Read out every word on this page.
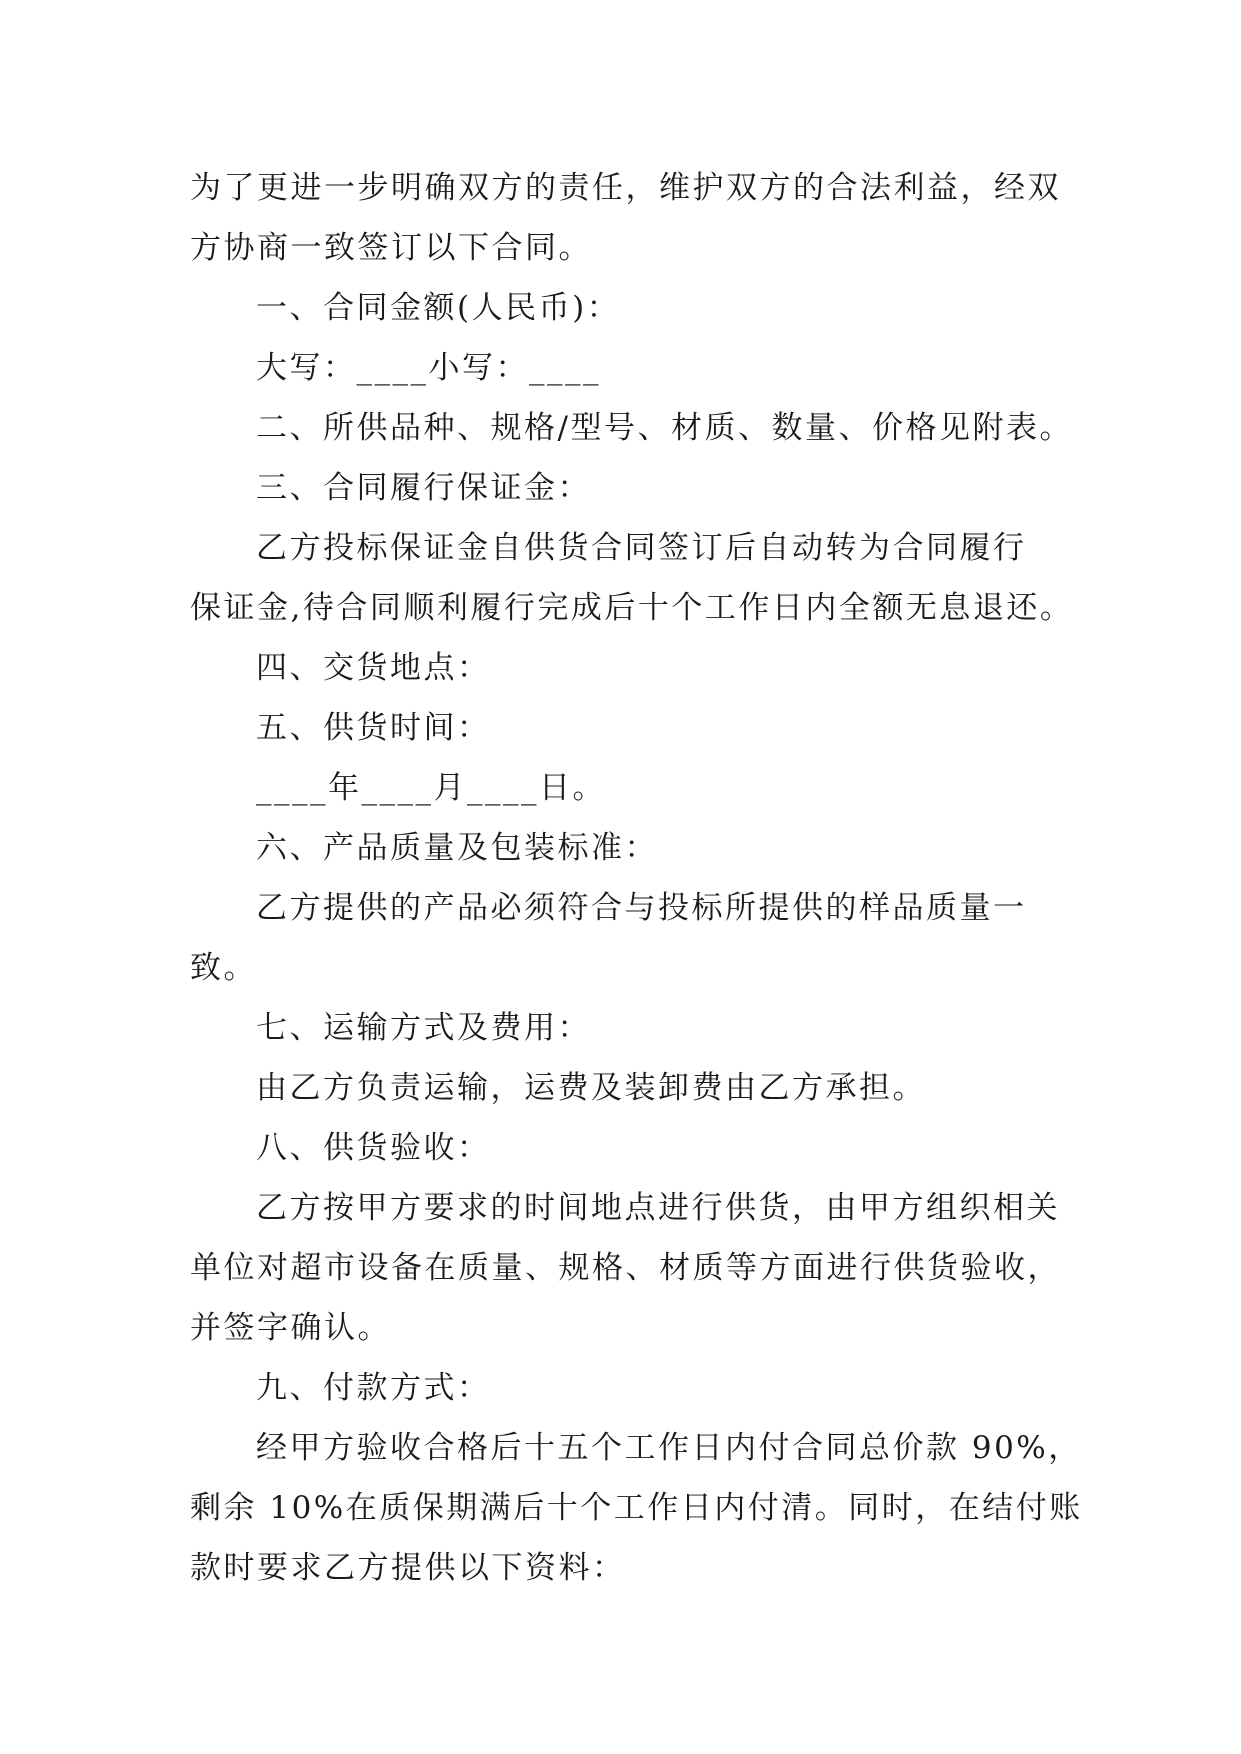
为了更进一步明确双方的责任，维护双方的合法利益，经双
方协商一致签订以下合同。
一、合同金额(人民币)：
大写：____小写：____
二、所供品种、规格/型号、材质、数量、价格见附表。
三、合同履行保证金：
乙方投标保证金自供货合同签订后自动转为合同履行
保证金,待合同顺利履行完成后十个工作日内全额无息退还。
四、交货地点：
五、供货时间：
____年____月____日。
六、产品质量及包装标准：
乙方提供的产品必须符合与投标所提供的样品质量一
致。
七、运输方式及费用：
由乙方负责运输，运费及装卸费由乙方承担。
八、供货验收：
乙方按甲方要求的时间地点进行供货，由甲方组织相关
单位对超市设备在质量、规格、材质等方面进行供货验收，
并签字确认。
九、付款方式：
经甲方验收合格后十五个工作日内付合同总价款 90%，
剩余 10%在质保期满后十个工作日内付清。同时，在结付账
款时要求乙方提供以下资料：
